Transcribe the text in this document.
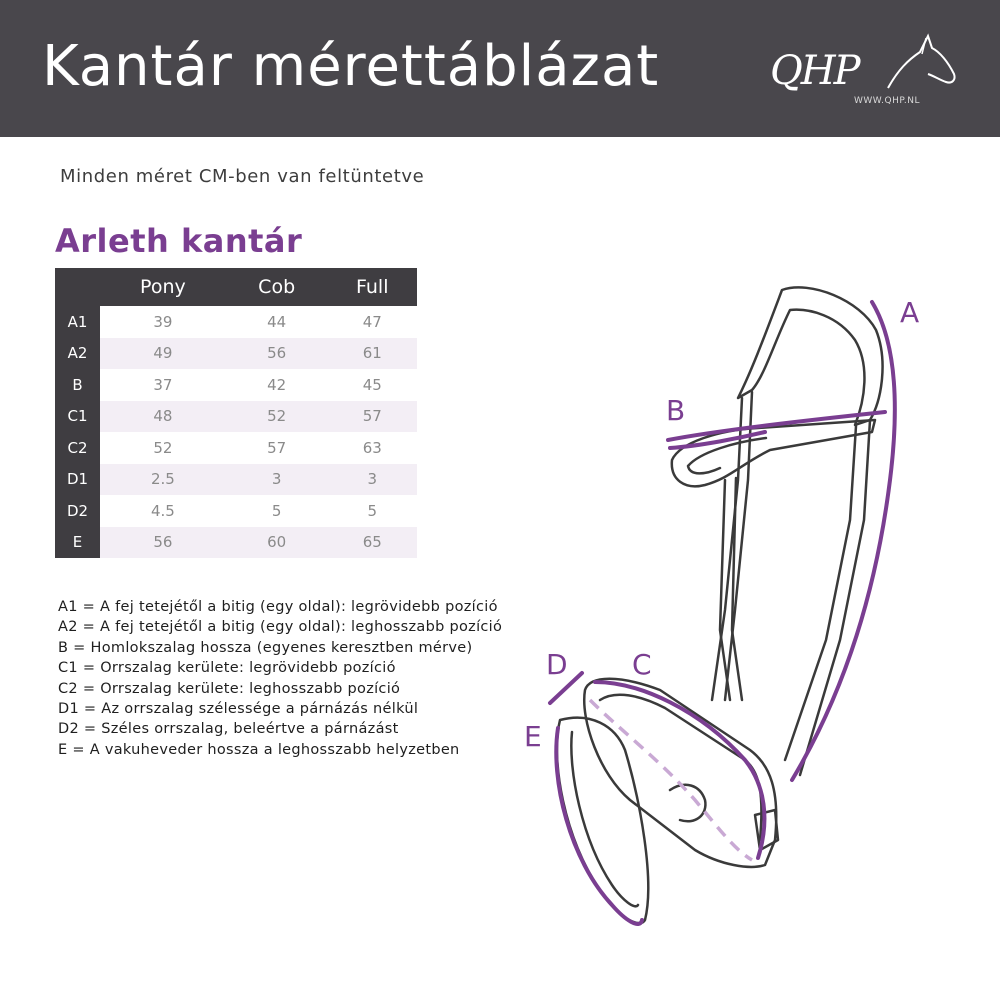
Kantár mérettáblázat	QHP
WWW.QHP.NL
Minden méret CM-ben van feltüntetve
Arleth kantár
	Pony	Cob	Full
A1	39	44	47
A2	49	56	61
B	37	42	45
C1	48	52	57
C2	52	57	63
D1	2.5	3	3
D2	4.5	5	5
E	56	60	65
A1 = A fej tetejétől a bitig (egy oldal): legrövidebb pozíció
A2 = A fej tetejétől a bitig (egy oldal): leghosszabb pozíció
B = Homlokszalag hossza (egyenes keresztben mérve)
C1 = Orrszalag kerülete: legrövidebb pozíció
C2 = Orrszalag kerülete: leghosszabb pozíció
D1 = Az orrszalag szélessége a párnázás nélkül
D2 = Széles orrszalag, beleértve a párnázást
E = A vakuheveder hossza a leghosszabb helyzetben
A
B
C
D
E
